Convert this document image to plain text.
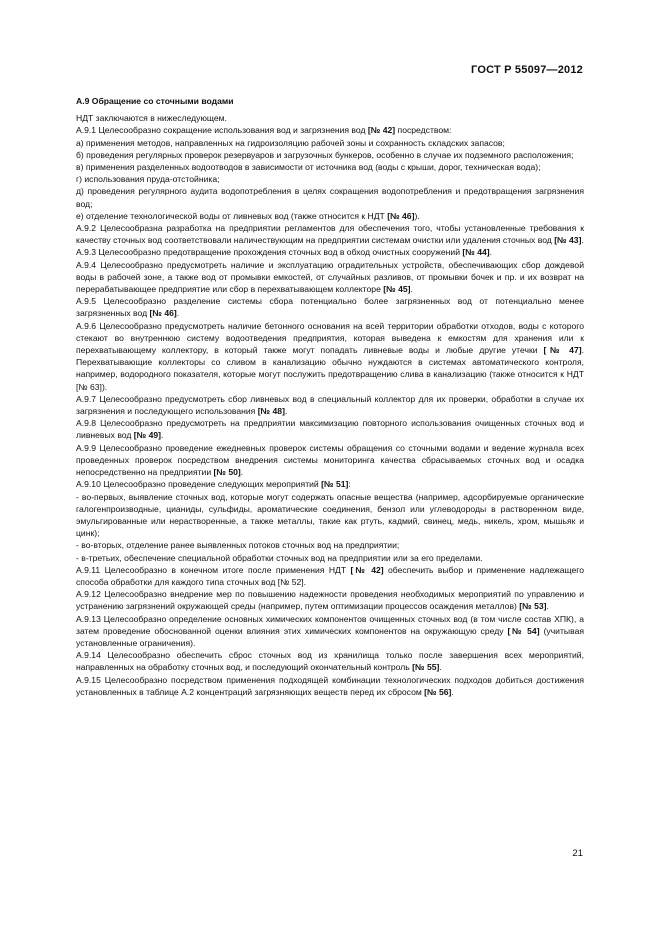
ГОСТ Р 55097—2012
А.9 Обращение со сточными водами

НДТ заключаются в нижеследующем.

А.9.1 Целесообразно сокращение использования вод и загрязнения вод [№ 42] посредством:

а) применения методов, направленных на гидроизоляцию рабочей зоны и сохранность складских запасов;

б) проведения регулярных проверок резервуаров и загрузочных бункеров, особенно в случае их подземного расположения;

в) применения разделенных водоотводов в зависимости от источника вод (воды с крыши, дорог, техническая вода);

г) использования пруда-отстойника;

д) проведения регулярного аудита водопотребления в целях сокращения водопотребления и предотвращения загрязнения вод;

е) отделение технологической воды от ливневых вод (также относится к НДТ [№ 46]).

А.9.2 Целесообразна разработка на предприятии регламентов для обеспечения того, чтобы установленные требования к качеству сточных вод соответствовали наличествующим на предприятии системам очистки или удаления сточных вод [№ 43].

А.9.3 Целесообразно предотвращение прохождения сточных вод в обход очистных сооружений [№ 44].

А.9.4 Целесообразно предусмотреть наличие и эксплуатацию оградительных устройств, обеспечивающих сбор дождевой воды в рабочей зоне, а также вод от промывки емкостей, от случайных разливов, от промывки бочек и пр. и их возврат на перерабатывающее предприятие или сбор в перехватывающем коллекторе [№ 45].

А.9.5 Целесообразно разделение системы сбора потенциально более загрязненных вод от потенциально менее загрязненных вод [№ 46].

А.9.6 Целесообразно предусмотреть наличие бетонного основания на всей территории обработки отходов, воды с которого стекают во внутреннюю систему водоотведения предприятия, которая выведена к емкостям для хранения или к перехватывающему коллектору, в который также могут попадать ливневые воды и любые другие утечки [№ 47]. Перехватывающие коллекторы со сливом в канализацию обычно нуждаются в системах автоматического контроля, например, водородного показателя, которые могут послужить предотвращению слива в канализацию (также относится к НДТ [№ 63]).

А.9.7 Целесообразно предусмотреть сбор ливневых вод в специальный коллектор для их проверки, обработки в случае их загрязнения и последующего использования [№ 48].

А.9.8 Целесообразно предусмотреть на предприятии максимизацию повторного использования очищенных сточных вод и ливневых вод [№ 49].

А.9.9 Целесообразно проведение ежедневных проверок системы обращения со сточными водами и ведение журнала всех проведенных проверок посредством внедрения системы мониторинга качества сбрасываемых сточных вод и осадка непосредственно на предприятии [№ 50].

А.9.10 Целесообразно проведение следующих мероприятий [№ 51]:

- во-первых, выявление сточных вод, которые могут содержать опасные вещества (например, адсорбируемые органические галогенпроизводные, цианиды, сульфиды, ароматические соединения, бензол или углеводороды в растворенном виде, эмульгированные или нерастворенные, а также металлы, такие как ртуть, кадмий, свинец, медь, никель, хром, мышьяк и цинк);

- во-вторых, отделение ранее выявленных потоков сточных вод на предприятии;

- в-третьих, обеспечение специальной обработки сточных вод на предприятии или за его пределами.

А.9.11 Целесообразно в конечном итоге после применения НДТ [№ 42] обеспечить выбор и применение надлежащего способа обработки для каждого типа сточных вод [№ 52].

А.9.12 Целесообразно внедрение мер по повышению надежности проведения необходимых мероприятий по управлению и устранению загрязнений окружающей среды (например, путем оптимизации процессов осаждения металлов) [№ 53].

А.9.13 Целесообразно определение основных химических компонентов очищенных сточных вод (в том числе состав ХПК), а затем проведение обоснованной оценки влияния этих химических компонентов на окружающую среду [№ 54] (учитывая установленные ограничения).

А.9.14 Целесообразно обеспечить сброс сточных вод из хранилища только после завершения всех мероприятий, направленных на обработку сточных вод, и последующий окончательный контроль [№ 55].

А.9.15 Целесообразно посредством применения подходящей комбинации технологических подходов добиться достижения установленных в таблице А.2 концентраций загрязняющих веществ перед их сбросом [№ 56].

21
